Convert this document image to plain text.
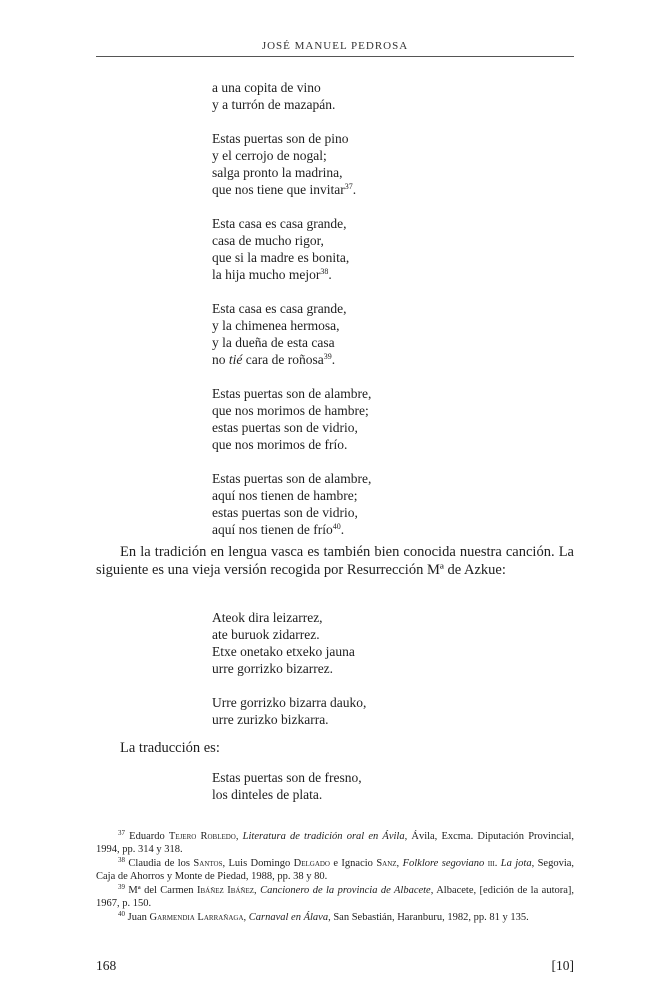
JOSÉ MANUEL PEDROSA
a una copita de vino
y a turrón de mazapán.
Estas puertas son de pino
y el cerrojo de nogal;
salga pronto la madrina,
que nos tiene que invitar$^{37}$.
Esta casa es casa grande,
casa de mucho rigor,
que si la madre es bonita,
la hija mucho mejor$^{38}$.
Esta casa es casa grande,
y la chimenea hermosa,
y la dueña de esta casa
no tié cara de roñosa$^{39}$.
Estas puertas son de alambre,
que nos morimos de hambre;
estas puertas son de vidrio,
que nos morimos de frío.
Estas puertas son de alambre,
aquí nos tienen de hambre;
estas puertas son de vidrio,
aquí nos tienen de frío$^{40}$.

En la tradición en lengua vasca es también bien conocida nuestra canción. La siguiente es una vieja versión recogida por Resurrección Mª de Azkue:

Ateok dira leizarrez,
ate buruok zidarrez.
Etxe onetako etxeko jauna
urre gorrizko bizarrez.
Urre gorrizko bizarra dauko,
urre zurizko bizkarra.

La traducción es:

Estas puertas son de fresno,
los dinteles de plata.

$^{37}$ Eduardo Tejero Robledo, Literatura de tradición oral en Ávila, Ávila, Excma. Diputación Provincial, 1994, pp. 314 y 318.

$^{38}$ Claudia de los Santos, Luis Domingo Delgado e Ignacio Sanz, Folklore segoviano iii. La jota, Segovia, Caja de Ahorros y Monte de Piedad, 1988, pp. 38 y 80.

$^{39}$ Mª del Carmen Ibáñez Ibáñez, Cancionero de la provincia de Albacete, Albacete, [edición de la autora], 1967, p. 150.

$^{40}$ Juan Garmendia Larrañaga, Carnaval en Álava, San Sebastián, Haranburu, 1982, pp. 81 y 135.

168	[10]
